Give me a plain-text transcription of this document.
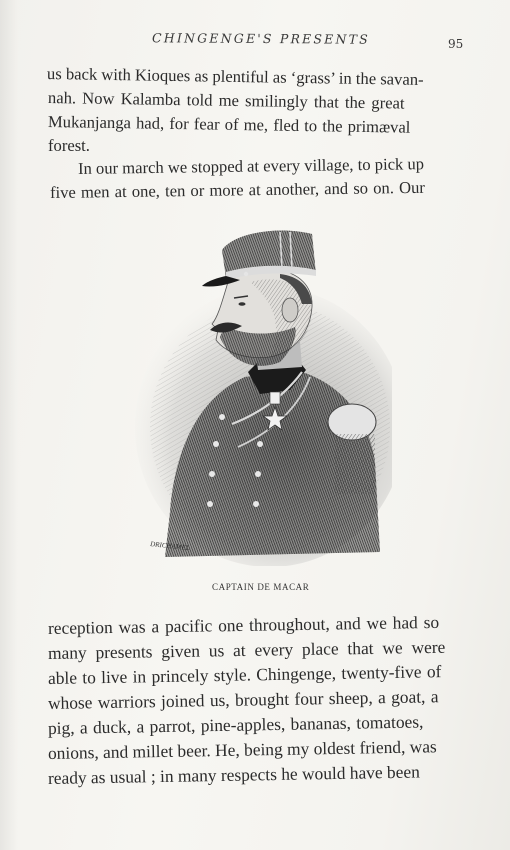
CHINGENGE'S PRESENTS	95
us back with Kioques as plentiful as ‘grass’ in the savan-
nah. Now Kalamba told me smilingly that the great
Mukanjanga had, for fear of me, fled to the primæval
forest.
In our march we stopped at every village, to pick up
five men at one, ten or more at another, and so on. Our
DRICHAMEL
CAPTAIN DE MACAR
reception was a pacific one throughout, and we had so
many presents given us at every place that we were
able to live in princely style. Chingenge, twenty-five of
whose warriors joined us, brought four sheep, a goat, a
pig, a duck, a parrot, pine-apples, bananas, tomatoes,
onions, and millet beer. He, being my oldest friend, was
ready as usual ; in many respects he would have been
